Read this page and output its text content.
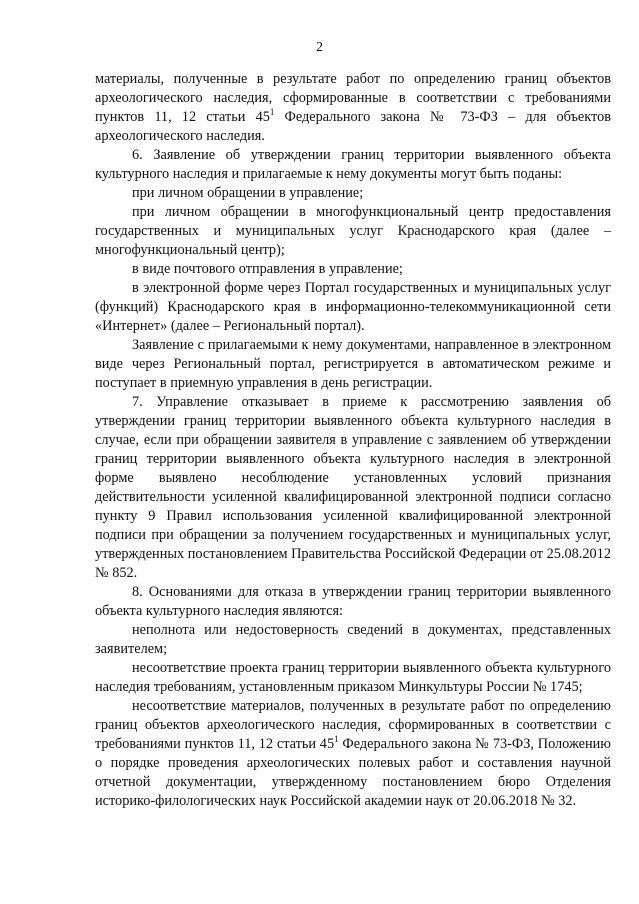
2

материалы, полученные в результате работ по определению границ объектов археологического наследия, сформированные в соответствии с требованиями пунктов 11, 12 статьи $45^1$ Федерального закона № 73-ФЗ – для объектов археологического наследия.

6. Заявление об утверждении границ территории выявленного объекта культурного наследия и прилагаемые к нему документы могут быть поданы:

при личном обращении в управление;

при личном обращении в многофункциональный центр предоставления государственных и муниципальных услуг Краснодарского края (далее – многофункциональный центр);

в виде почтового отправления в управление;

в электронной форме через Портал государственных и муниципальных услуг (функций) Краснодарского края в информационно-телекоммуникационной сети «Интернет» (далее – Региональный портал).

Заявление с прилагаемыми к нему документами, направленное в электронном виде через Региональный портал, регистрируется в автоматическом режиме и поступает в приемную управления в день регистрации.

7. Управление отказывает в приеме к рассмотрению заявления об утверждении границ территории выявленного объекта культурного наследия в случае, если при обращении заявителя в управление с заявлением об утверждении границ территории выявленного объекта культурного наследия в электронной форме выявлено несоблюдение установленных условий признания действительности усиленной квалифицированной электронной подписи согласно пункту 9 Правил использования усиленной квалифицированной электронной подписи при обращении за получением государственных и муниципальных услуг, утвержденных постановлением Правительства Российской Федерации от 25.08.2012 № 852.

8. Основаниями для отказа в утверждении границ территории выявленного объекта культурного наследия являются:

неполнота или недостоверность сведений в документах, представленных заявителем;

несоответствие проекта границ территории выявленного объекта культурного наследия требованиям, установленным приказом Минкультуры России № 1745;

несоответствие материалов, полученных в результате работ по определению границ объектов археологического наследия, сформированных в соответствии с требованиями пунктов 11, 12 статьи $45^1$ Федерального закона № 73-ФЗ, Положению о порядке проведения археологических полевых работ и составления научной отчетной документации, утвержденному постановлением бюро Отделения историко-филологических наук Российской академии наук от 20.06.2018 № 32.
